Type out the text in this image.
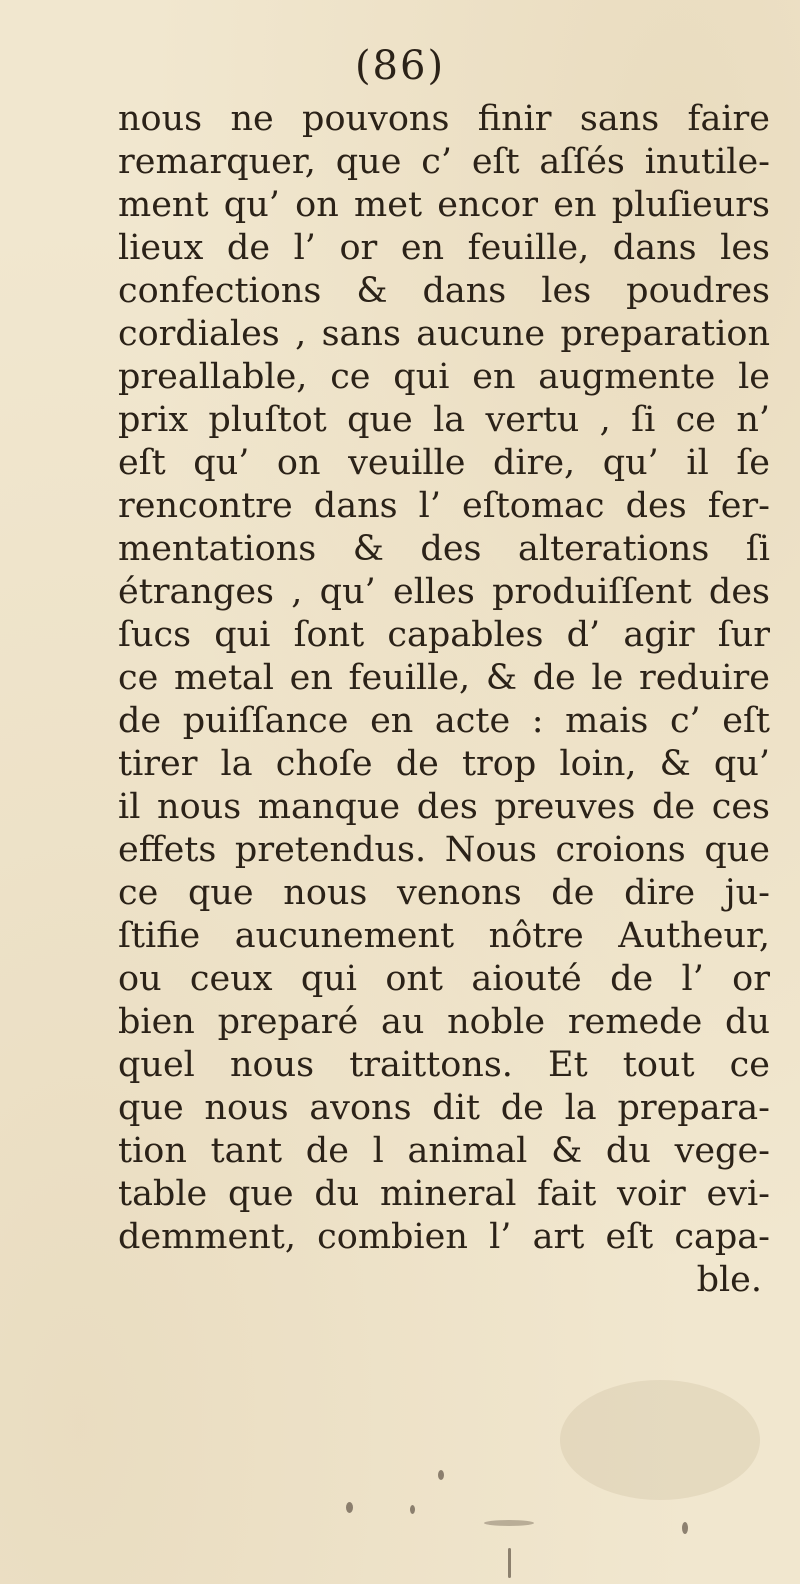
(86)
nous ne pouvons finir sans faire
remarquer, que c’ eſt aſſés inutile-
ment qu’ on met encor en pluſieurs
lieux de l’ or en feuille, dans les
confections & dans les poudres
cordiales , sans aucune preparation
preallable, ce qui en augmente le
prix pluſtot que la vertu , ſi ce n’
eſt qu’ on veuille dire, qu’ il ſe
rencontre dans l’ eſtomac des fer-
mentations & des alterations ſi
étranges , qu’ elles produiſſent des
ſucs qui ſont capables d’ agir ſur
ce metal en feuille, & de le reduire
de puiſſance en acte : mais c’ eſt
tirer la choſe de trop loin, & qu’
il nous manque des preuves de ces
effets pretendus. Nous croions que
ce que nous venons de dire ju-
ſtifie aucunement nôtre Autheur,
ou ceux qui ont aiouté de l’ or
bien preparé au noble remede du
quel nous traittons. Et tout ce
que nous avons dit de la prepara-
tion tant de l animal & du vege-
table que du mineral fait voir evi-
demment, combien l’ art eſt capa-
ble.
